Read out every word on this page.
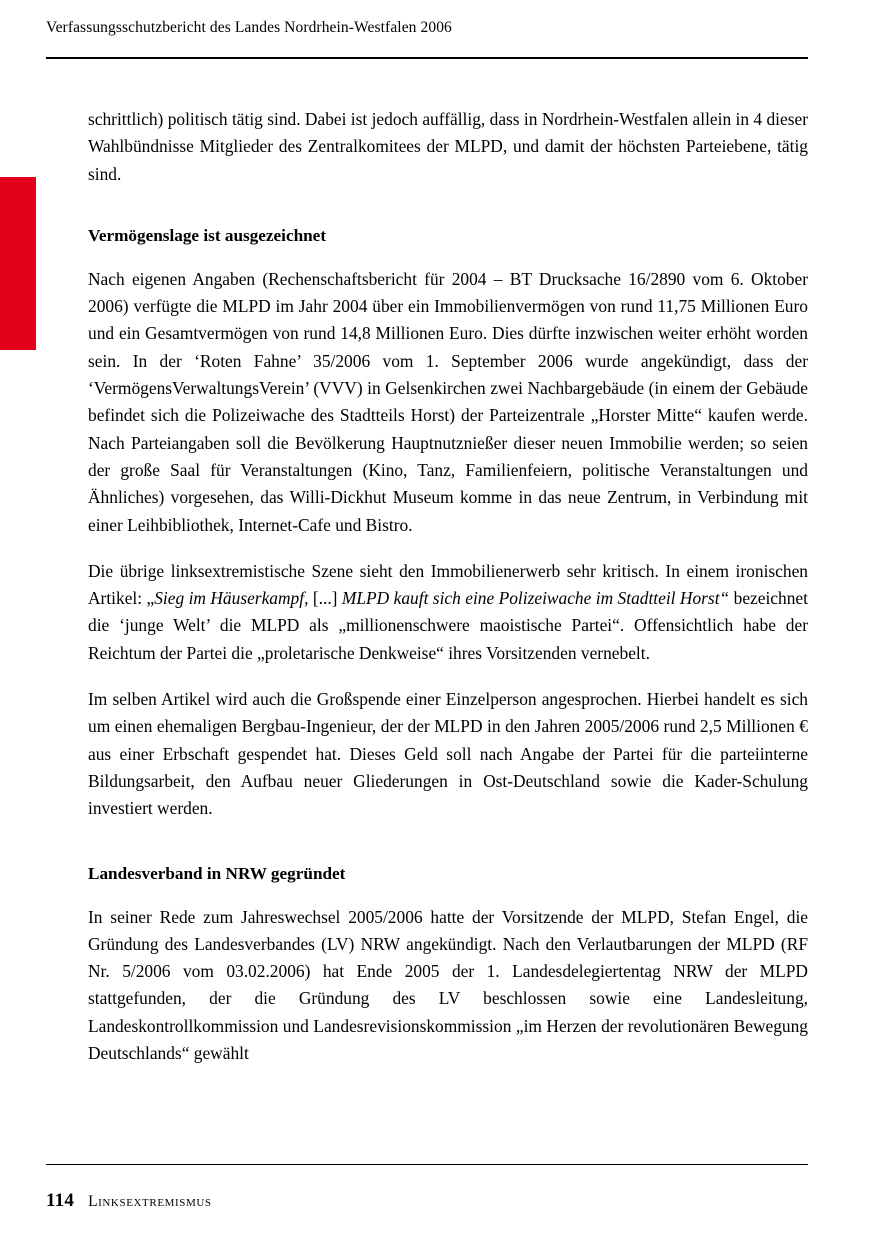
Verfassungsschutzbericht des Landes Nordrhein-Westfalen 2006

schrittlich) politisch tätig sind. Dabei ist jedoch auffällig, dass in Nordrhein-Westfalen allein in 4 dieser Wahlbündnisse Mitglieder des Zentralkomitees der MLPD, und damit der höchsten Parteiebene, tätig sind.

Vermögenslage ist ausgezeichnet

Nach eigenen Angaben (Rechenschaftsbericht für 2004 – BT Drucksache 16/2890 vom 6. Oktober 2006) verfügte die MLPD im Jahr 2004 über ein Immobilienvermögen von rund 11,75 Millionen Euro und ein Gesamtvermögen von rund 14,8 Millionen Euro. Dies dürfte inzwischen weiter erhöht worden sein. In der ‘Roten Fahne’ 35/2006 vom 1. September 2006 wurde angekündigt, dass der ‘VermögensVerwaltungsVerein’ (VVV) in Gelsenkirchen zwei Nachbargebäude (in einem der Gebäude befindet sich die Polizeiwache des Stadtteils Horst) der Parteizentrale „Horster Mitte“ kaufen werde. Nach Parteiangaben soll die Bevölkerung Hauptnutznießer dieser neuen Immobilie werden; so seien der große Saal für Veranstaltungen (Kino, Tanz, Familienfeiern, politische Veranstaltungen und Ähnliches) vorgesehen, das Willi-Dickhut Museum komme in das neue Zentrum, in Verbindung mit einer Leihbibliothek, Internet-Cafe und Bistro.

Die übrige linksextremistische Szene sieht den Immobilienerwerb sehr kritisch. In einem ironischen Artikel: „Sieg im Häuserkampf, [...] MLPD kauft sich eine Polizeiwache im Stadtteil Horst“ bezeichnet die ‘junge Welt’ die MLPD als „millionenschwere maoistische Partei“. Offensichtlich habe der Reichtum der Partei die „proletarische Denkweise“ ihres Vorsitzenden vernebelt.

Im selben Artikel wird auch die Großspende einer Einzelperson angesprochen. Hierbei handelt es sich um einen ehemaligen Bergbau-Ingenieur, der der MLPD in den Jahren 2005/2006 rund 2,5 Millionen € aus einer Erbschaft gespendet hat. Dieses Geld soll nach Angabe der Partei für die parteiinterne Bildungsarbeit, den Aufbau neuer Gliederungen in Ost-Deutschland sowie die Kader-Schulung investiert werden.

Landesverband in NRW gegründet

In seiner Rede zum Jahreswechsel 2005/2006 hatte der Vorsitzende der MLPD, Stefan Engel, die Gründung des Landesverbandes (LV) NRW angekündigt. Nach den Verlautbarungen der MLPD (RF Nr. 5/2006 vom 03.02.2006) hat Ende 2005 der 1. Landesdelegiertentag NRW der MLPD stattgefunden, der die Gründung des LV beschlossen sowie eine Landesleitung, Landeskontrollkommission und Landesrevisionskommission „im Herzen der revolutionären Bewegung Deutschlands“ gewählt

114 Linksextremismus
